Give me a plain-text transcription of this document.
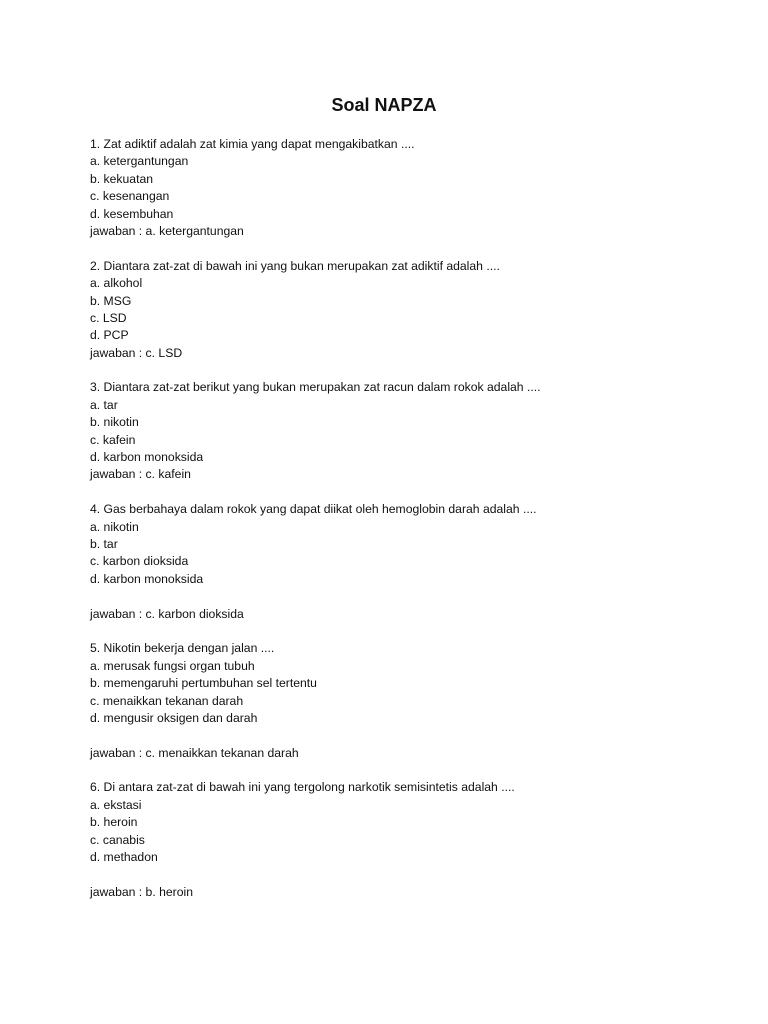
Soal NAPZA
1. Zat adiktif adalah zat kimia yang dapat mengakibatkan ....
a. ketergantungan
b. kekuatan
c. kesenangan
d. kesembuhan
jawaban : a. ketergantungan
2. Diantara zat-zat di bawah ini yang bukan merupakan zat adiktif adalah ....
a. alkohol
b. MSG
c. LSD
d. PCP
jawaban : c. LSD
3. Diantara zat-zat berikut yang bukan merupakan zat racun dalam rokok adalah ....
a. tar
b. nikotin
c. kafein
d. karbon monoksida
jawaban : c. kafein
4. Gas berbahaya dalam rokok yang dapat diikat oleh hemoglobin darah adalah ....
a. nikotin
b. tar
c. karbon dioksida
d. karbon monoksida
jawaban : c. karbon dioksida
5. Nikotin bekerja dengan jalan ....
a. merusak fungsi organ tubuh
b. memengaruhi pertumbuhan sel tertentu
c. menaikkan tekanan darah
d. mengusir oksigen dan darah
jawaban : c. menaikkan tekanan darah
6. Di antara zat-zat di bawah ini yang tergolong narkotik semisintetis adalah ....
a. ekstasi
b. heroin
c. canabis
d. methadon
jawaban : b. heroin
